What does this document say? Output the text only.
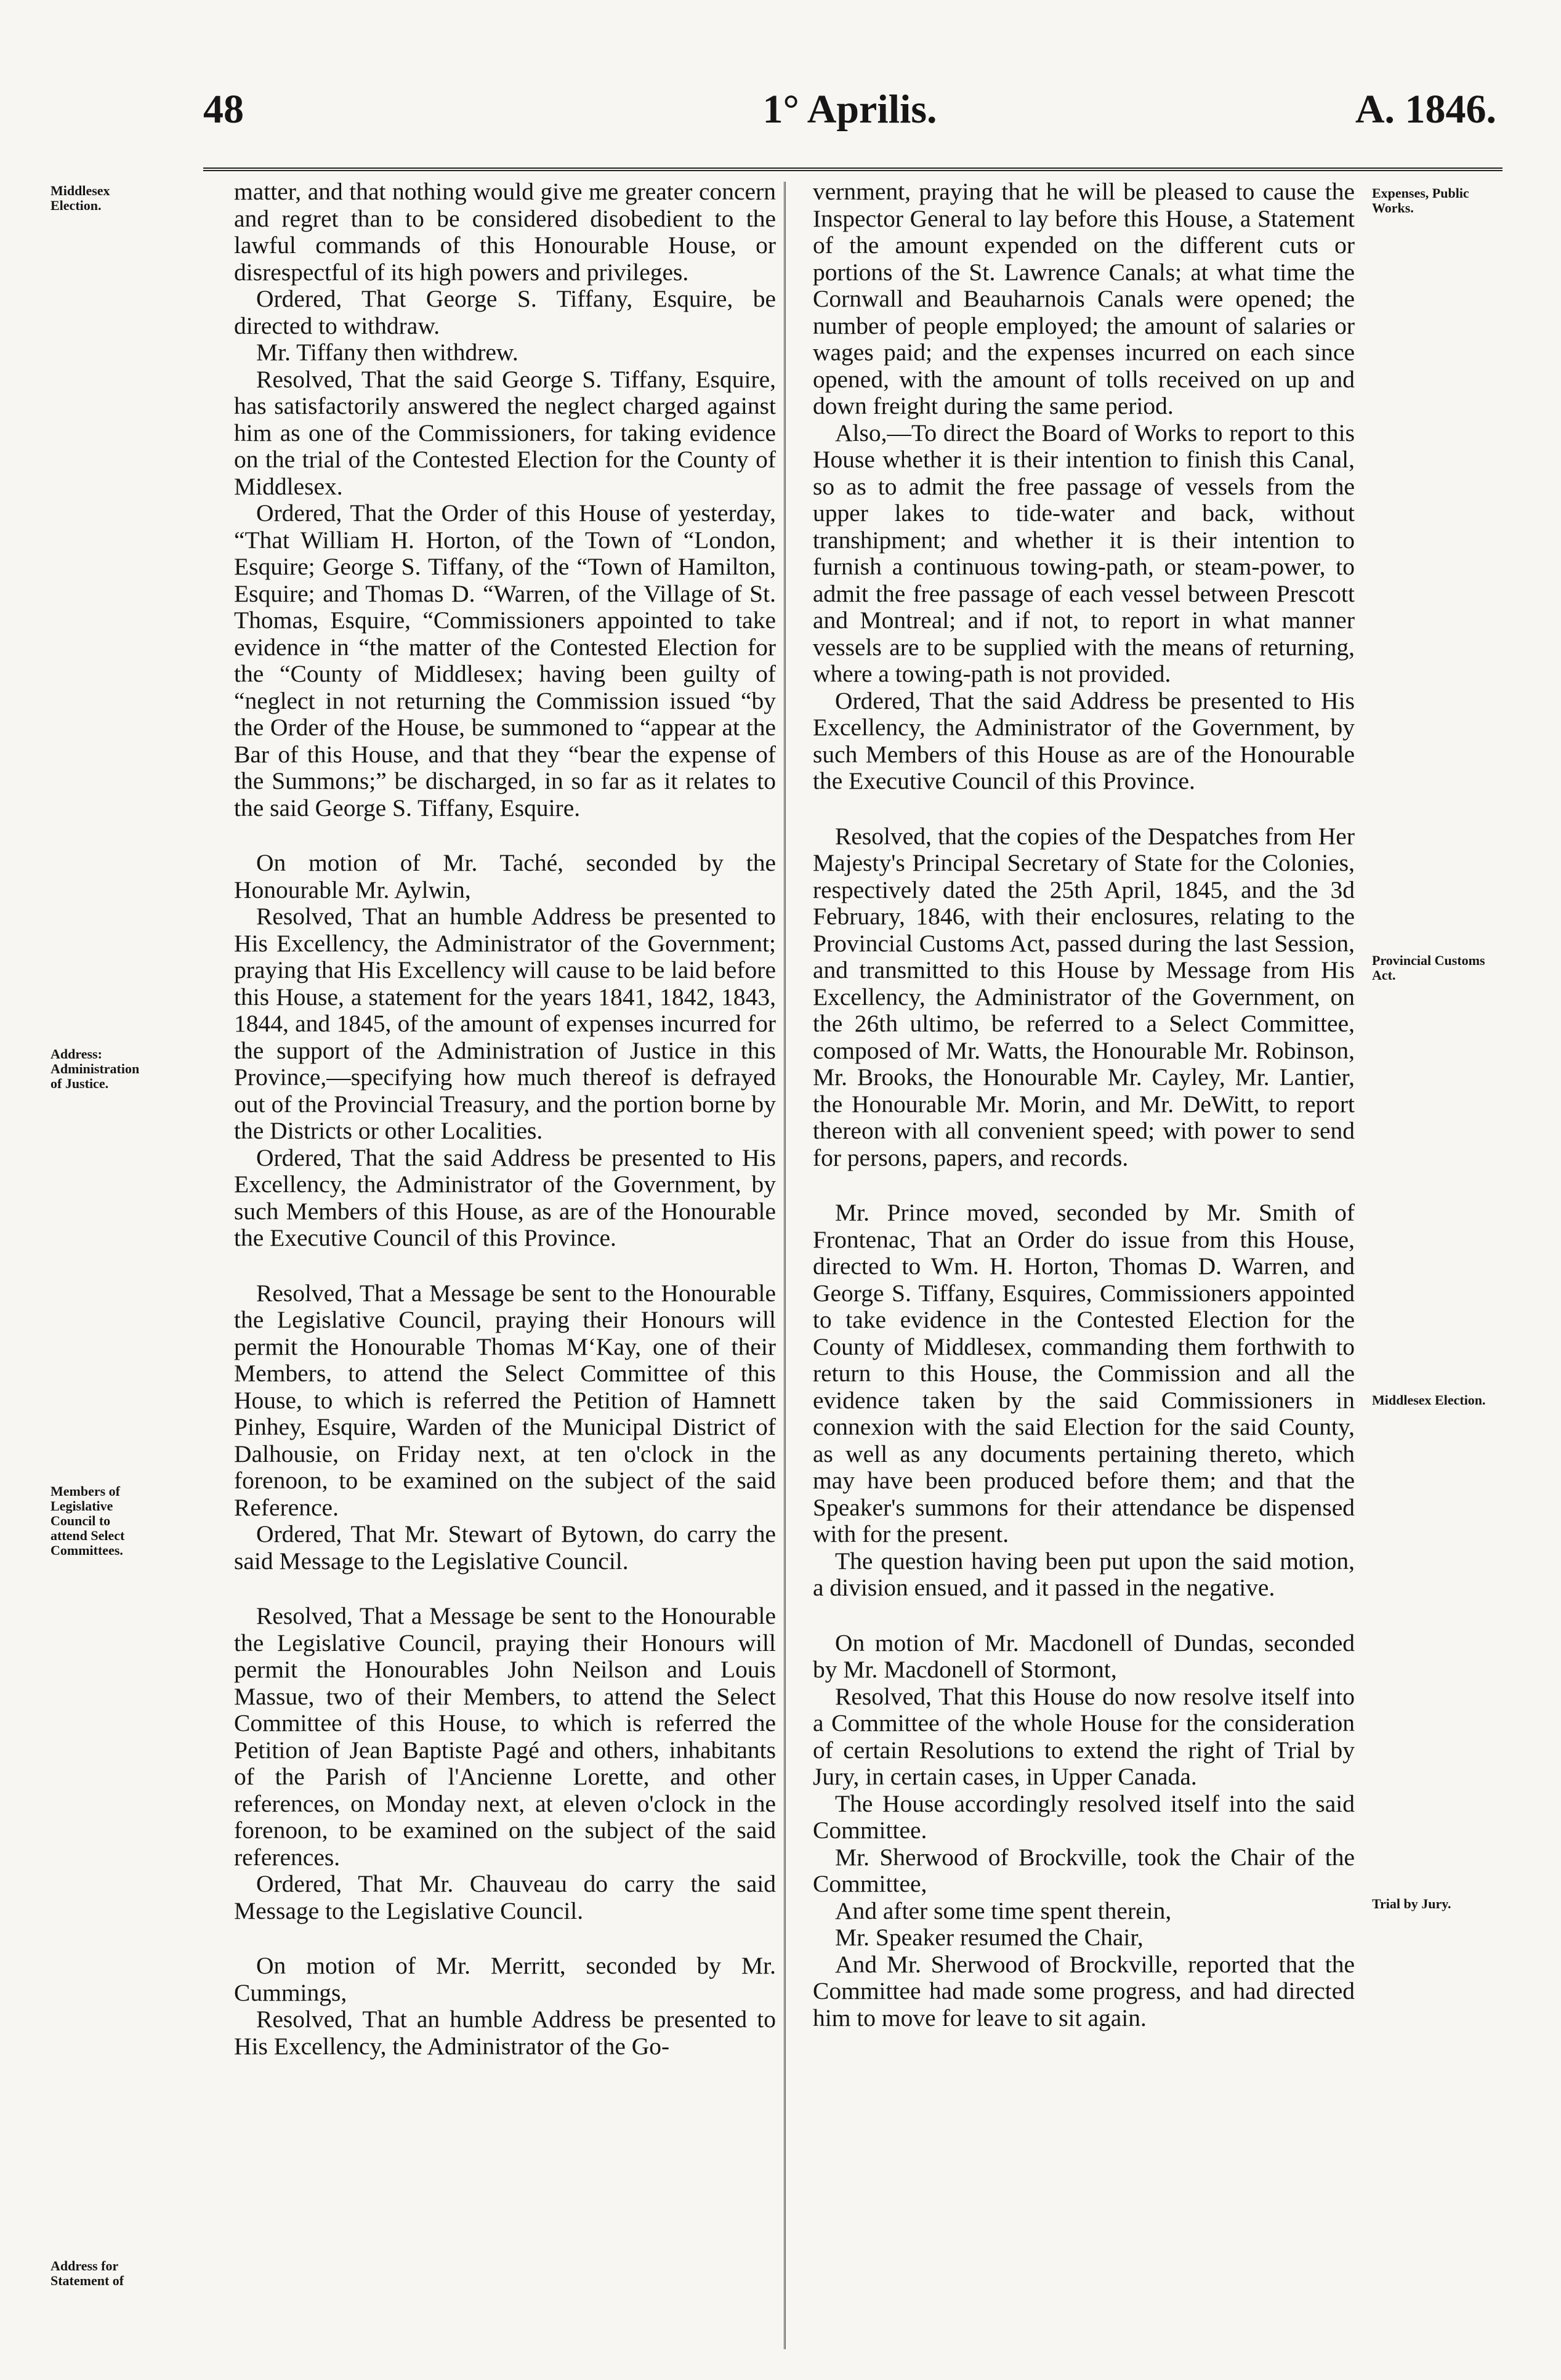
48	1° Aprilis.	A. 1846.
Middlesex Election.
Address: Administration of Justice.
Members of Legislative Council to attend Select Committees.
Address for Statement of
Expenses, Public Works.
Provincial Customs Act.
Middlesex Election.
Trial by Jury.

matter, and that nothing would give me greater concern and regret than to be considered disobedient to the lawful commands of this Honourable House, or disrespectful of its high powers and privileges.

Ordered, That George S. Tiffany, Esquire, be directed to withdraw.

Mr. Tiffany then withdrew.

Resolved, That the said George S. Tiffany, Esquire, has satisfactorily answered the neglect charged against him as one of the Commissioners, for taking evidence on the trial of the Contested Election for the County of Middlesex.

Ordered, That the Order of this House of yesterday, “That William H. Horton, of the Town of “London, Esquire; George S. Tiffany, of the “Town of Hamilton, Esquire; and Thomas D. “Warren, of the Village of St. Thomas, Esquire, “Commissioners appointed to take evidence in “the matter of the Contested Election for the “County of Middlesex; having been guilty of “neglect in not returning the Commission issued “by the Order of the House, be summoned to “appear at the Bar of this House, and that they “bear the expense of the Summons;” be discharged, in so far as it relates to the said George S. Tiffany, Esquire.

On motion of Mr. Taché, seconded by the Honourable Mr. Aylwin,

Resolved, That an humble Address be presented to His Excellency, the Administrator of the Government; praying that His Excellency will cause to be laid before this House, a statement for the years 1841, 1842, 1843, 1844, and 1845, of the amount of expenses incurred for the support of the Administration of Justice in this Province,—specifying how much thereof is defrayed out of the Provincial Treasury, and the portion borne by the Districts or other Localities.

Ordered, That the said Address be presented to His Excellency, the Administrator of the Government, by such Members of this House, as are of the Honourable the Executive Council of this Province.

Resolved, That a Message be sent to the Honourable the Legislative Council, praying their Honours will permit the Honourable Thomas M‘Kay, one of their Members, to attend the Select Committee of this House, to which is referred the Petition of Hamnett Pinhey, Esquire, Warden of the Municipal District of Dalhousie, on Friday next, at ten o'clock in the forenoon, to be examined on the subject of the said Reference.

Ordered, That Mr. Stewart of Bytown, do carry the said Message to the Legislative Council.

Resolved, That a Message be sent to the Honourable the Legislative Council, praying their Honours will permit the Honourables John Neilson and Louis Massue, two of their Members, to attend the Select Committee of this House, to which is referred the Petition of Jean Baptiste Pagé and others, inhabitants of the Parish of l'Ancienne Lorette, and other references, on Monday next, at eleven o'clock in the forenoon, to be examined on the subject of the said references.

Ordered, That Mr. Chauveau do carry the said Message to the Legislative Council.

On motion of Mr. Merritt, seconded by Mr. Cummings,

Resolved, That an humble Address be presented to His Excellency, the Administrator of the Go-

vernment, praying that he will be pleased to cause the Inspector General to lay before this House, a Statement of the amount expended on the different cuts or portions of the St. Lawrence Canals; at what time the Cornwall and Beauharnois Canals were opened; the number of people employed; the amount of salaries or wages paid; and the expenses incurred on each since opened, with the amount of tolls received on up and down freight during the same period.

Also,—To direct the Board of Works to report to this House whether it is their intention to finish this Canal, so as to admit the free passage of vessels from the upper lakes to tide-water and back, without transhipment; and whether it is their intention to furnish a continuous towing-path, or steam-power, to admit the free passage of each vessel between Prescott and Montreal; and if not, to report in what manner vessels are to be supplied with the means of returning, where a towing-path is not provided.

Ordered, That the said Address be presented to His Excellency, the Administrator of the Government, by such Members of this House as are of the Honourable the Executive Council of this Province.

Resolved, that the copies of the Despatches from Her Majesty's Principal Secretary of State for the Colonies, respectively dated the 25th April, 1845, and the 3d February, 1846, with their enclosures, relating to the Provincial Customs Act, passed during the last Session, and transmitted to this House by Message from His Excellency, the Administrator of the Government, on the 26th ultimo, be referred to a Select Committee, composed of Mr. Watts, the Honourable Mr. Robinson, Mr. Brooks, the Honourable Mr. Cayley, Mr. Lantier, the Honourable Mr. Morin, and Mr. DeWitt, to report thereon with all convenient speed; with power to send for persons, papers, and records.

Mr. Prince moved, seconded by Mr. Smith of Frontenac, That an Order do issue from this House, directed to Wm. H. Horton, Thomas D. Warren, and George S. Tiffany, Esquires, Commissioners appointed to take evidence in the Contested Election for the County of Middlesex, commanding them forthwith to return to this House, the Commission and all the evidence taken by the said Commissioners in connexion with the said Election for the said County, as well as any documents pertaining thereto, which may have been produced before them; and that the Speaker's summons for their attendance be dispensed with for the present.

The question having been put upon the said motion, a division ensued, and it passed in the negative.

On motion of Mr. Macdonell of Dundas, seconded by Mr. Macdonell of Stormont,

Resolved, That this House do now resolve itself into a Committee of the whole House for the consideration of certain Resolutions to extend the right of Trial by Jury, in certain cases, in Upper Canada.

The House accordingly resolved itself into the said Committee.

Mr. Sherwood of Brockville, took the Chair of the Committee,

And after some time spent therein,

Mr. Speaker resumed the Chair,

And Mr. Sherwood of Brockville, reported that the Committee had made some progress, and had directed him to move for leave to sit again.
